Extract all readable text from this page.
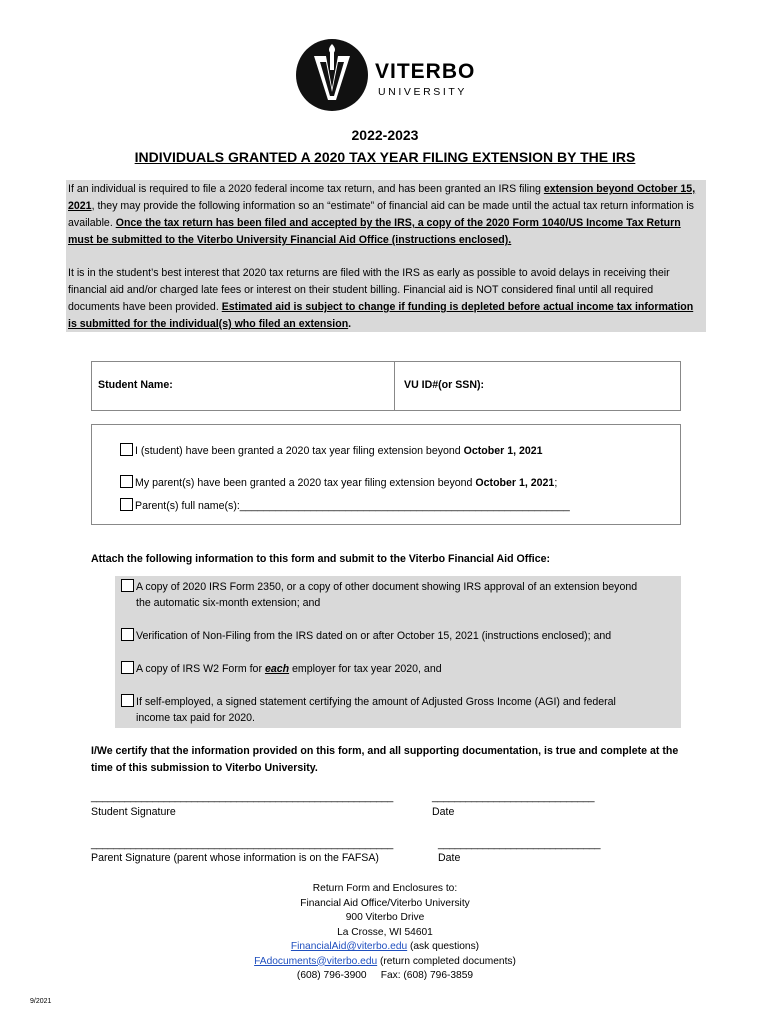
VITERBO
UNIVERSITY
2022-2023
INDIVIDUALS GRANTED A 2020 TAX YEAR FILING EXTENSION BY THE IRS
If an individual is required to file a 2020 federal income tax return, and has been granted an IRS filing extension beyond October 15, 2021, they may provide the following information so an “estimate” of financial aid can be made until the actual tax return information is available. Once the tax return has been filed and accepted by the IRS, a copy of the 2020 Form 1040/US Income Tax Return must be submitted to the Viterbo University Financial Aid Office (instructions enclosed).
It is in the student’s best interest that 2020 tax returns are filed with the IRS as early as possible to avoid delays in receiving their financial aid and/or charged late fees or interest on their student billing. Financial aid is NOT considered final until all required documents have been provided. Estimated aid is subject to change if funding is depleted before actual income tax information is submitted for the individual(s) who filed an extension.
Student Name:	VU ID#(or SSN):
I (student) have been granted a 2020 tax year filing extension beyond October 1, 2021
My parent(s) have been granted a 2020 tax year filing extension beyond October 1, 2021;
Parent(s) full name(s):________________________________________________________
Attach the following information to this form and submit to the Viterbo Financial Aid Office:
A copy of 2020 IRS Form 2350, or a copy of other document showing IRS approval of an extension beyond
the automatic six-month extension; and
Verification of Non-Filing from the IRS dated on or after October 15, 2021 (instructions enclosed); and
A copy of IRS W2 Form for each employer for tax year 2020, and
If self-employed, a signed statement certifying the amount of Adjusted Gross Income (AGI) and federal
income tax paid for 2020.
I/We certify that the information provided on this form, and all supporting documentation, is true and complete at the time of this submission to Viterbo University.
______________________________________________________	_____________________________
Student Signature	Date
______________________________________________________	_____________________________
Parent Signature (parent whose information is on the FAFSA)	Date
Return Form and Enclosures to:
Financial Aid Office/Viterbo University
900 Viterbo Drive
La Crosse, WI 54601
FinancialAid@viterbo.edu (ask questions)
FAdocuments@viterbo.edu (return completed documents)
(608) 796-3900     Fax: (608) 796-3859
9/2021
